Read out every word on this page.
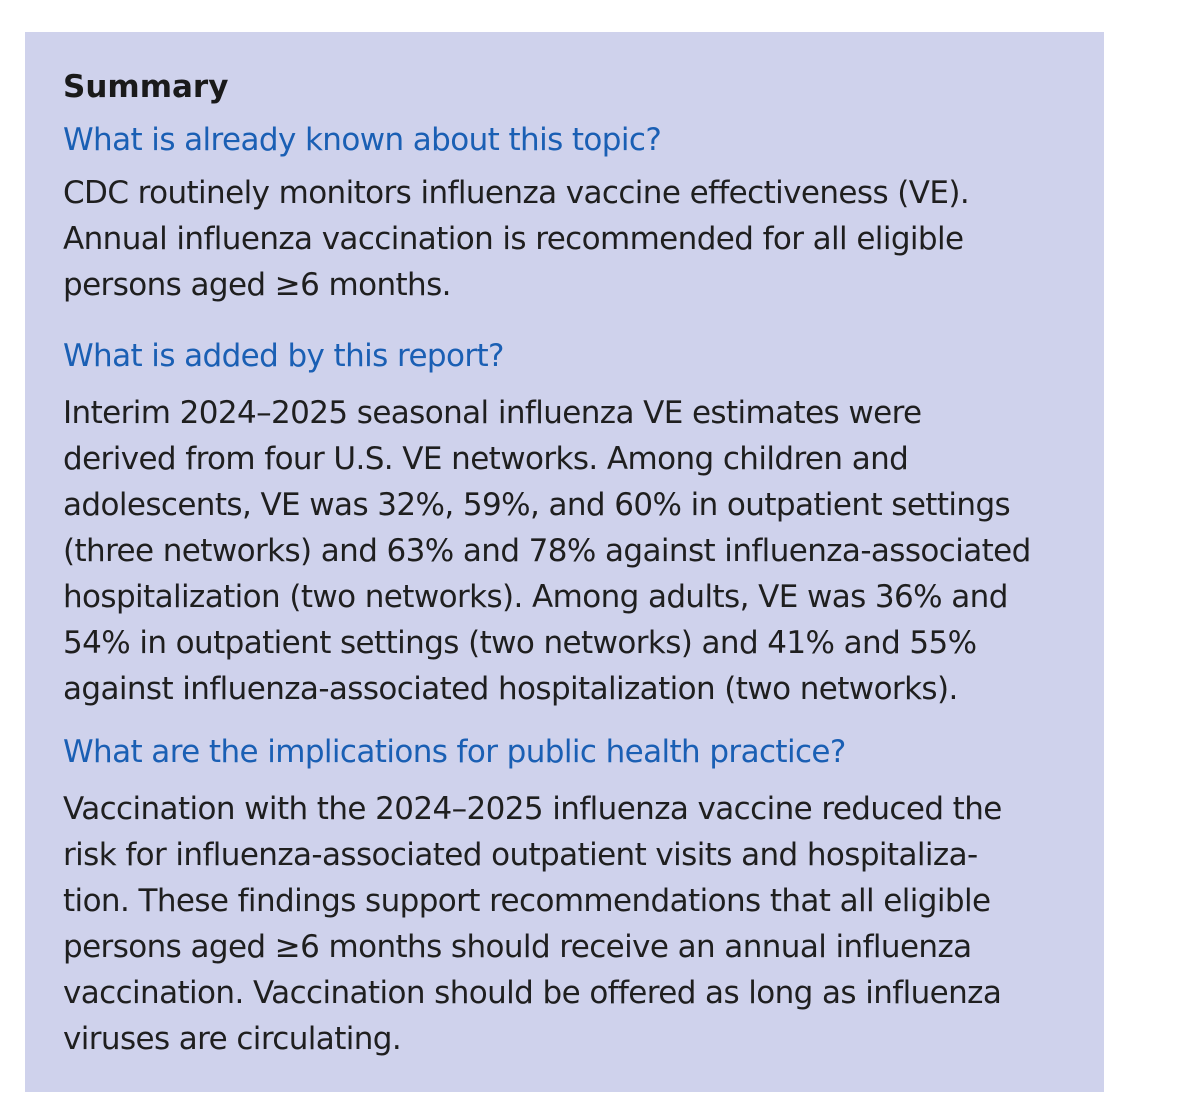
Summary
What is already known about this topic?
CDC routinely monitors influenza vaccine effectiveness (VE).
Annual influenza vaccination is recommended for all eligible
persons aged ≥6 months.
What is added by this report?
Interim 2024–2025 seasonal influenza VE estimates were
derived from four U.S. VE networks. Among children and
adolescents, VE was 32%, 59%, and 60% in outpatient settings
(three networks) and 63% and 78% against influenza-associated
hospitalization (two networks). Among adults, VE was 36% and
54% in outpatient settings (two networks) and 41% and 55%
against influenza-associated hospitalization (two networks).
What are the implications for public health practice?
Vaccination with the 2024–2025 influenza vaccine reduced the
risk for influenza-associated outpatient visits and hospitaliza-
tion. These findings support recommendations that all eligible
persons aged ≥6 months should receive an annual influenza
vaccination. Vaccination should be offered as long as influenza
viruses are circulating.
